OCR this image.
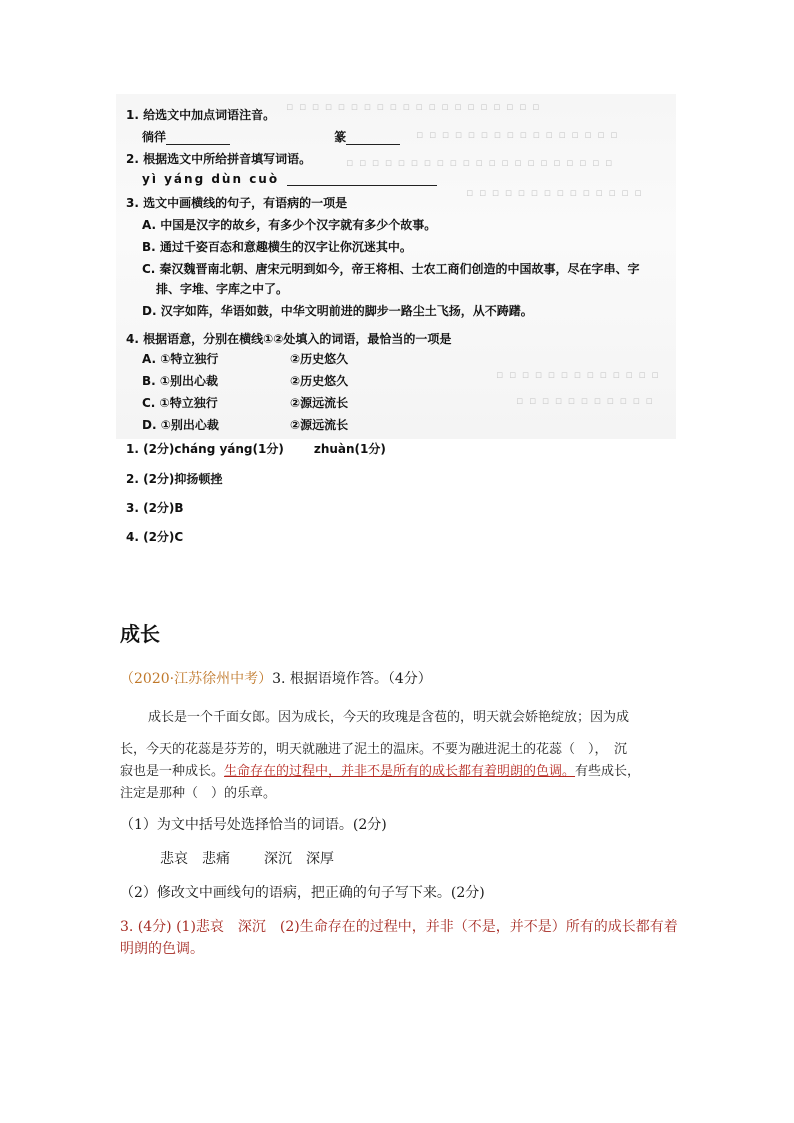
▫ ▫ ▫ ▫ ▫ ▫ ▫ ▫ ▫ ▫ ▫ ▫ ▫ ▫ ▫ ▫ ▫ ▫ ▫ ▫
▫ ▫ ▫ ▫ ▫ ▫ ▫ ▫ ▫ ▫ ▫ ▫ ▫ ▫ ▫ ▫
▫ ▫ ▫ ▫ ▫ ▫ ▫ ▫ ▫ ▫ ▫ ▫ ▫ ▫ ▫ ▫ ▫ ▫ ▫ ▫ ▫
▫ ▫ ▫ ▫ ▫ ▫ ▫ ▫ ▫ ▫ ▫ ▫ ▫ ▫
▫ ▫ ▫ ▫ ▫ ▫ ▫ ▫ ▫ ▫ ▫ ▫ ▫
▫ ▫ ▫ ▫ ▫ ▫ ▫ ▫ ▫ ▫ ▫
1. 给选文中加点词语注音。
徜徉	篆
2. 根据选文中所给拼音填写词语。
yì yáng dùn cuò
3. 选文中画横线的句子，有语病的一项是
A. 中国是汉字的故乡，有多少个汉字就有多少个故事。
B. 通过千姿百态和意趣横生的汉字让你沉迷其中。
C. 秦汉魏晋南北朝、唐宋元明到如今，帝王将相、士农工商们创造的中国故事，尽在字串、字
排、字堆、字库之中了。
D. 汉字如阵，华语如鼓，中华文明前进的脚步一路尘土飞扬，从不踌躇。
4. 根据语意，分别在横线①②处填入的词语，最恰当的一项是
A. ①特立独行	②历史悠久
B. ①别出心裁	②历史悠久
C. ①特立独行	②源远流长
D. ①别出心裁	②源远流长
1. (2分)cháng yáng(1分)	zhuàn(1分)
2. (2分)抑扬顿挫
3. (2分)B
4. (2分)C
成长
（2020·江苏徐州中考）3. 根据语境作答。（4分）
成长是一个千面女郎。因为成长，今天的玫瑰是含苞的，明天就会娇艳绽放；因为成
长，今天的花蕊是芬芳的，明天就融进了泥土的温床。不要为融进泥土的花蕊（　），　沉
寂也是一种成长。生命存在的过程中，并非不是所有的成长都有着明朗的色调。有些成长，
注定是那种（　）的乐章。
（1）为文中括号处选择恰当的词语。(2分)
悲哀 悲痛 深沉 深厚
（2）修改文中画线句的语病，把正确的句子写下来。(2分)
3. (4分) (1)悲哀　深沉　(2)生命存在的过程中，并非（不是，并不是）所有的成长都有着
明朗的色调。
